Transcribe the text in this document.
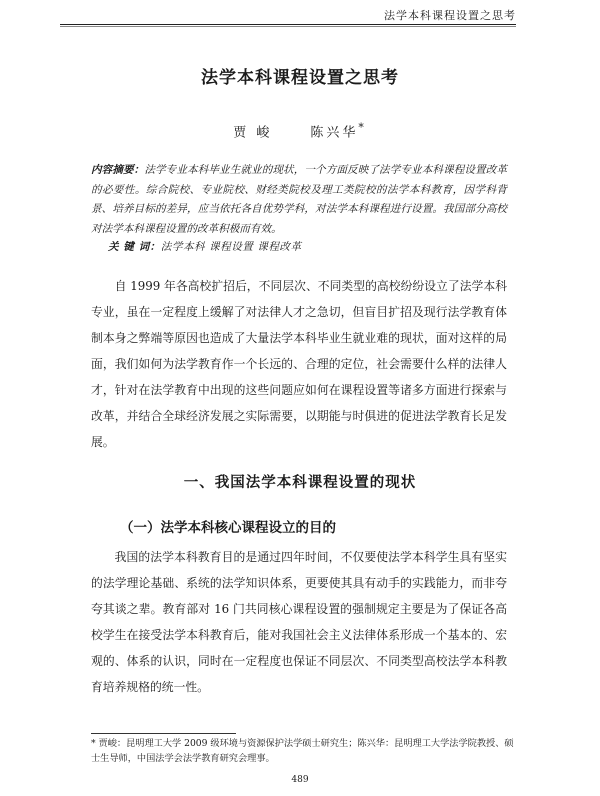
法学本科课程设置之思考
法学本科课程设置之思考
贾 峻	陈兴华*
内容摘要：法学专业本科毕业生就业的现状，一个方面反映了法学专业本科课程设置改革的必要性。综合院校、专业院校、财经类院校及理工类院校的法学本科教育，因学科背景、培养目标的差异，应当依托各自优势学科，对法学本科课程进行设置。我国部分高校对法学本科课程设置的改革积极而有效。
关 键 词：法学本科 课程设置 课程改革
自 1999 年各高校扩招后，不同层次、不同类型的高校纷纷设立了法学本科专业，虽在一定程度上缓解了对法律人才之急切，但盲目扩招及现行法学教育体制本身之弊端等原因也造成了大量法学本科毕业生就业难的现状，面对这样的局面，我们如何为法学教育作一个长远的、合理的定位，社会需要什么样的法律人才，针对在法学教育中出现的这些问题应如何在课程设置等诸多方面进行探索与改革，并结合全球经济发展之实际需要，以期能与时俱进的促进法学教育长足发展。
一、我国法学本科课程设置的现状
（一）法学本科核心课程设立的目的
我国的法学本科教育目的是通过四年时间，不仅要使法学本科学生具有坚实的法学理论基础、系统的法学知识体系，更要使其具有动手的实践能力，而非夸夸其谈之辈。教育部对 16 门共同核心课程设置的强制规定主要是为了保证各高校学生在接受法学本科教育后，能对我国社会主义法律体系形成一个基本的、宏观的、体系的认识，同时在一定程度也保证不同层次、不同类型高校法学本科教育培养规格的统一性。
* 贾峻：昆明理工大学 2009 级环境与资源保护法学硕士研究生；陈兴华：昆明理工大学法学院教授、硕士生导师，中国法学会法学教育研究会理事。
489
